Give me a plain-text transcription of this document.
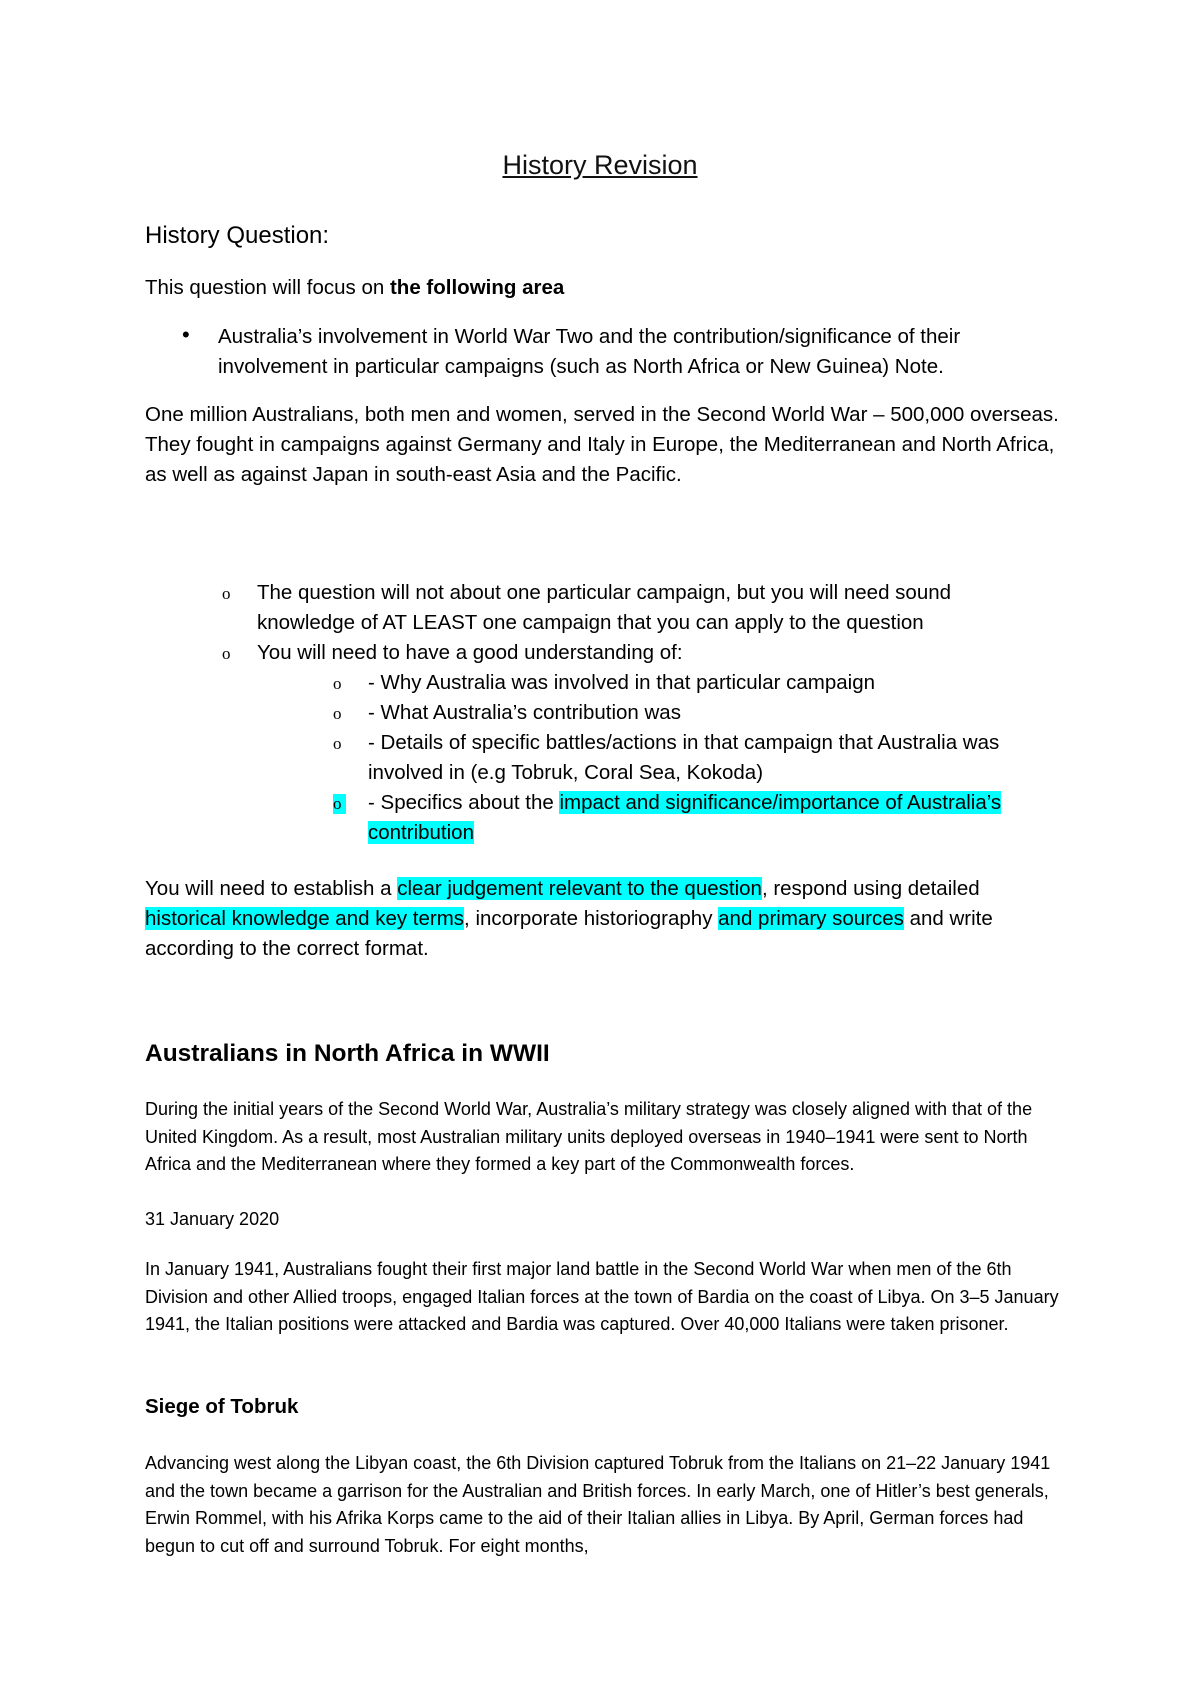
History Revision
History Question:
This question will focus on the following area
• Australia’s involvement in World War Two and the contribution/significance of their involvement in particular campaigns (such as North Africa or New Guinea) Note.
One million Australians, both men and women, served in the Second World War – 500,000 overseas. They fought in campaigns against Germany and Italy in Europe, the Mediterranean and North Africa, as well as against Japan in south-east Asia and the Pacific.
o The question will not about one particular campaign, but you will need sound knowledge of AT LEAST one campaign that you can apply to the question
o You will need to have a good understanding of:
o - Why Australia was involved in that particular campaign
o - What Australia’s contribution was
o - Details of specific battles/actions in that campaign that Australia was involved in (e.g Tobruk, Coral Sea, Kokoda)
o - Specifics about the impact and significance/importance of Australia’s contribution
You will need to establish a clear judgement relevant to the question, respond using detailed historical knowledge and key terms, incorporate historiography and primary sources and write according to the correct format.
Australians in North Africa in WWII
During the initial years of the Second World War, Australia’s military strategy was closely aligned with that of the United Kingdom. As a result, most Australian military units deployed overseas in 1940–1941 were sent to North Africa and the Mediterranean where they formed a key part of the Commonwealth forces.
31 January 2020
In January 1941, Australians fought their first major land battle in the Second World War when men of the 6th Division and other Allied troops, engaged Italian forces at the town of Bardia on the coast of Libya. On 3–5 January 1941, the Italian positions were attacked and Bardia was captured. Over 40,000 Italians were taken prisoner.
Siege of Tobruk
Advancing west along the Libyan coast, the 6th Division captured Tobruk from the Italians on 21–22 January 1941 and the town became a garrison for the Australian and British forces. In early March, one of Hitler’s best generals, Erwin Rommel, with his Afrika Korps came to the aid of their Italian allies in Libya. By April, German forces had begun to cut off and surround Tobruk. For eight months,
